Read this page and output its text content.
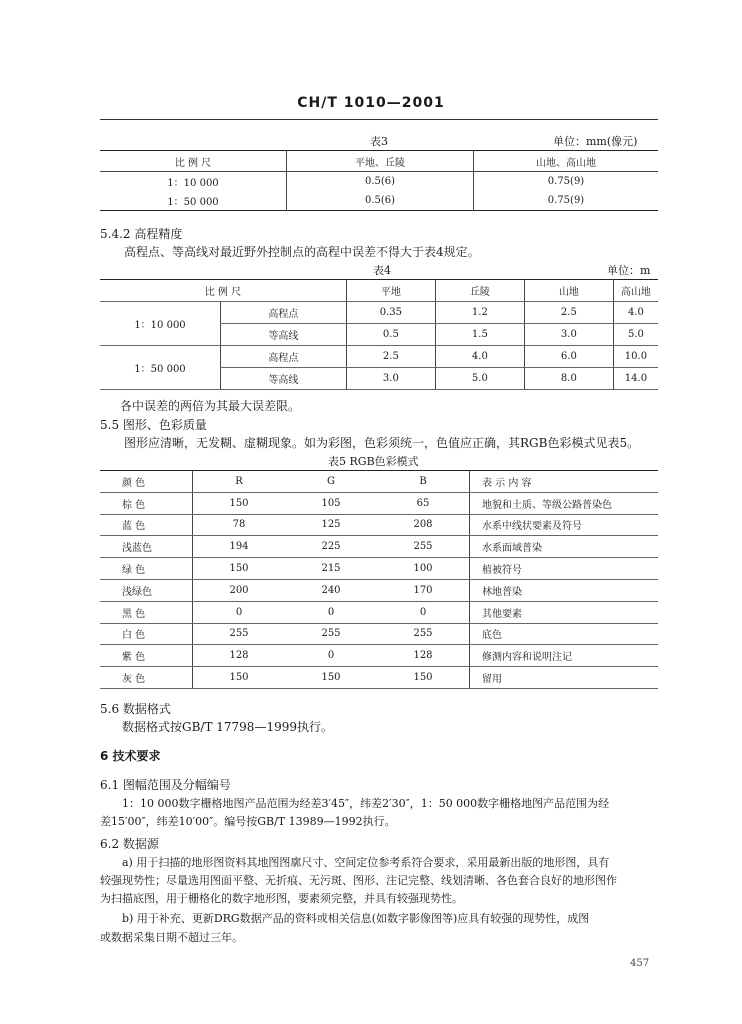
CH/T 1010—2001
表3	单位：mm(像元)
比 例 尺	平地、丘陵	山地、高山地
1：10 000	0.5(6)	0.75(9)
1：50 000	0.5(6)	0.75(9)
5.4.2 高程精度
高程点、等高线对最近野外控制点的高程中误差不得大于表4规定。
表4	单位：m
比 例 尺		平地	丘陵	山地	高山地
1：10 000	高程点	0.35	1.2	2.5	4.0
	等高线	0.5	1.5	3.0	5.0
1：50 000	高程点	2.5	4.0	6.0	10.0
	等高线	3.0	5.0	8.0	14.0
各中误差的两倍为其最大误差限。
5.5 图形、色彩质量
图形应清晰，无发糊、虚糊现象。如为彩图，色彩须统一，色值应正确，其RGB色彩模式见表5。
表5 RGB色彩模式
颜 色	R	G	B	表 示 内 容
棕 色	150	105	65	地貌和土质、等级公路普染色
蓝 色	78	125	208	水系中线状要素及符号
浅蓝色	194	225	255	水系面域普染
绿 色	150	215	100	植被符号
浅绿色	200	240	170	林地普染
黑 色	0	0	0	其他要素
白 色	255	255	255	底色
紫 色	128	0	128	修测内容和说明注记
灰 色	150	150	150	留用
5.6 数据格式
数据格式按GB/T 17798—1999执行。
6 技术要求
6.1 图幅范围及分幅编号
1：10 000数字栅格地图产品范围为经差3′45″，纬差2′30″，1：50 000数字栅格地图产品范围为经
差15′00″，纬差10′00″。编号按GB/T 13989—1992执行。
6.2 数据源
a) 用于扫描的地形图资料其地图图廓尺寸、空间定位参考系符合要求，采用最新出版的地形图，具有
较强现势性；尽量选用图面平整、无折痕、无污斑、图形、注记完整、线划清晰、各色套合良好的地形图作
为扫描底图，用于栅格化的数字地形图，要素须完整，并具有较强现势性。
b) 用于补充、更新DRG数据产品的资料或相关信息(如数字影像图等)应具有较强的现势性，成图
或数据采集日期不超过三年。
457
